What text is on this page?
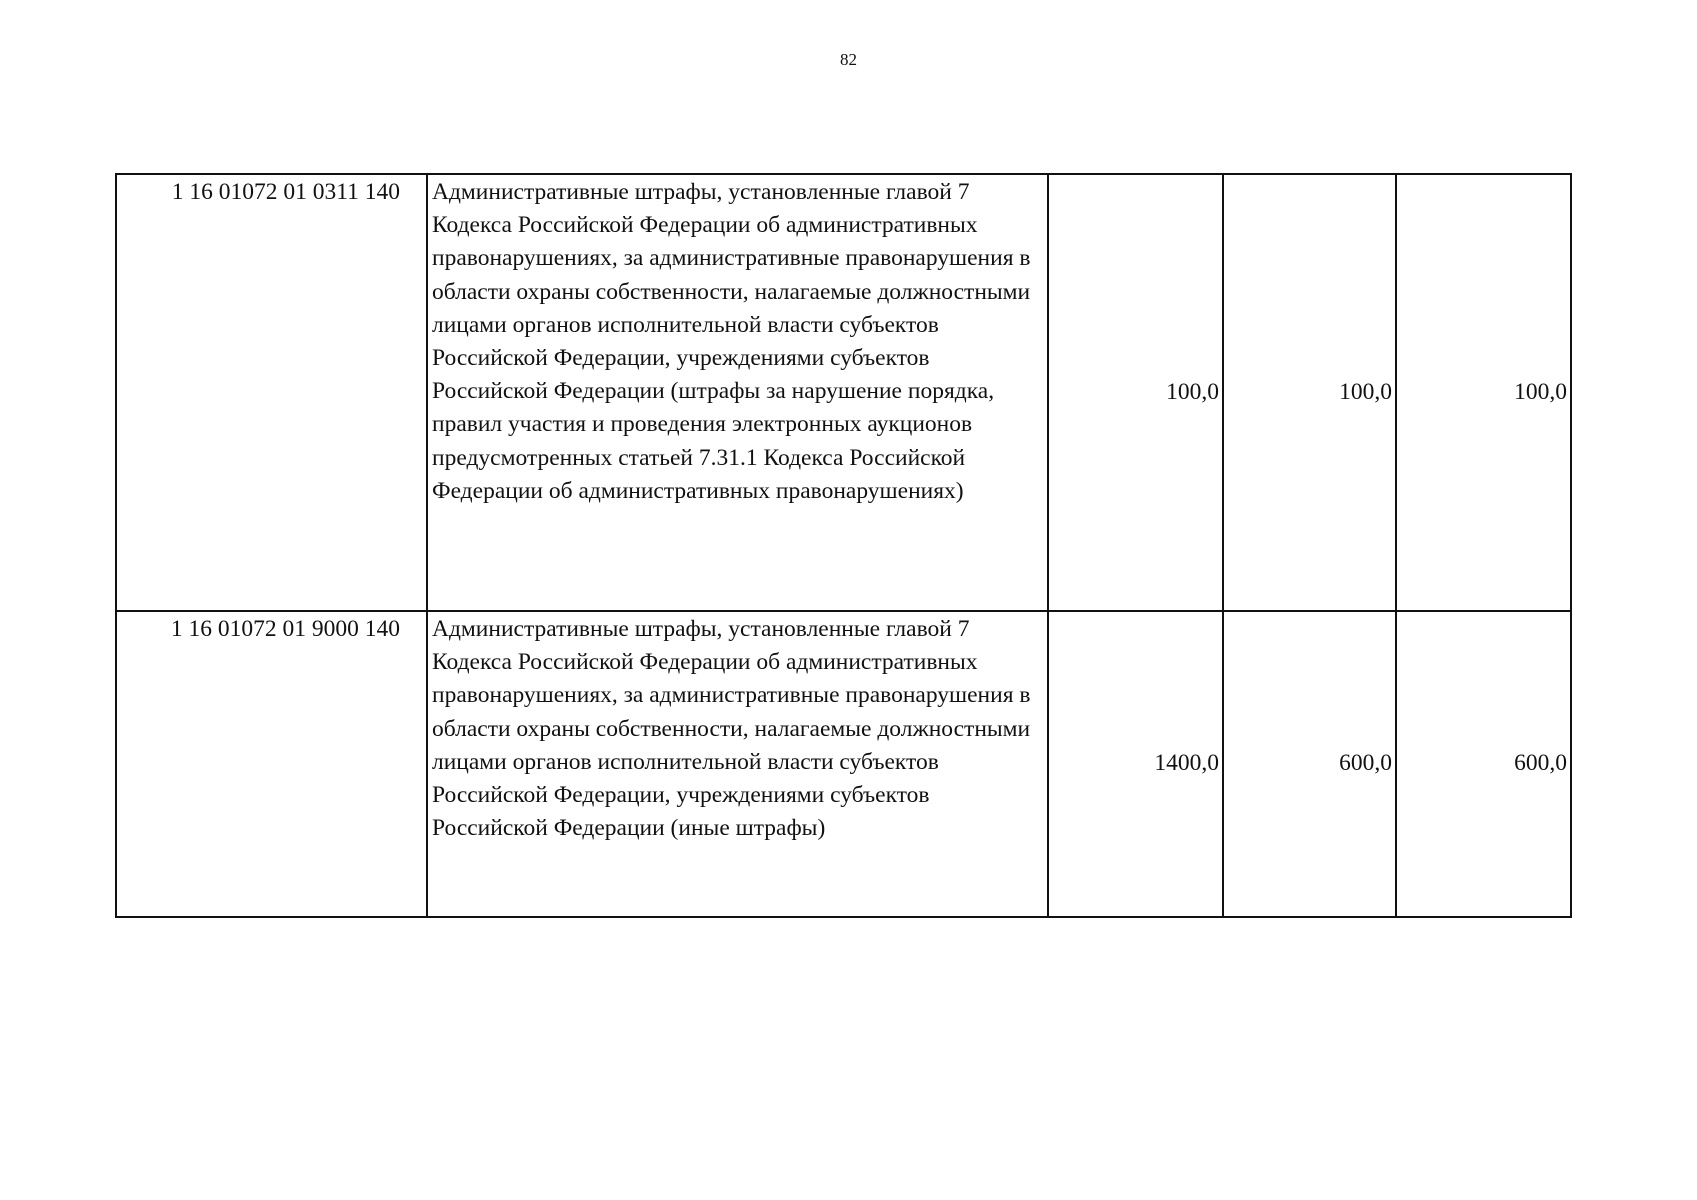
82
1 16 01072 01 0311 140	Административные штрафы, установленные главой 7 Кодекса Российской Федерации об административных правонарушениях, за административные правонарушения в области охраны собственности, налагаемые должностными лицами органов исполнительной власти субъектов Российской Федерации, учреждениями субъектов Российской Федерации (штрафы за нарушение порядка, правил участия и проведения электронных аукционов предусмотренных статьей 7.31.1 Кодекса Российской Федерации об административных правонарушениях)	100,0	100,0	100,0
1 16 01072 01 9000 140	Административные штрафы, установленные главой 7 Кодекса Российской Федерации об административных правонарушениях, за административные правонарушения в области охраны собственности, налагаемые должностными лицами органов исполнительной власти субъектов Российской Федерации, учреждениями субъектов Российской Федерации (иные штрафы)	1400,0	600,0	600,0
